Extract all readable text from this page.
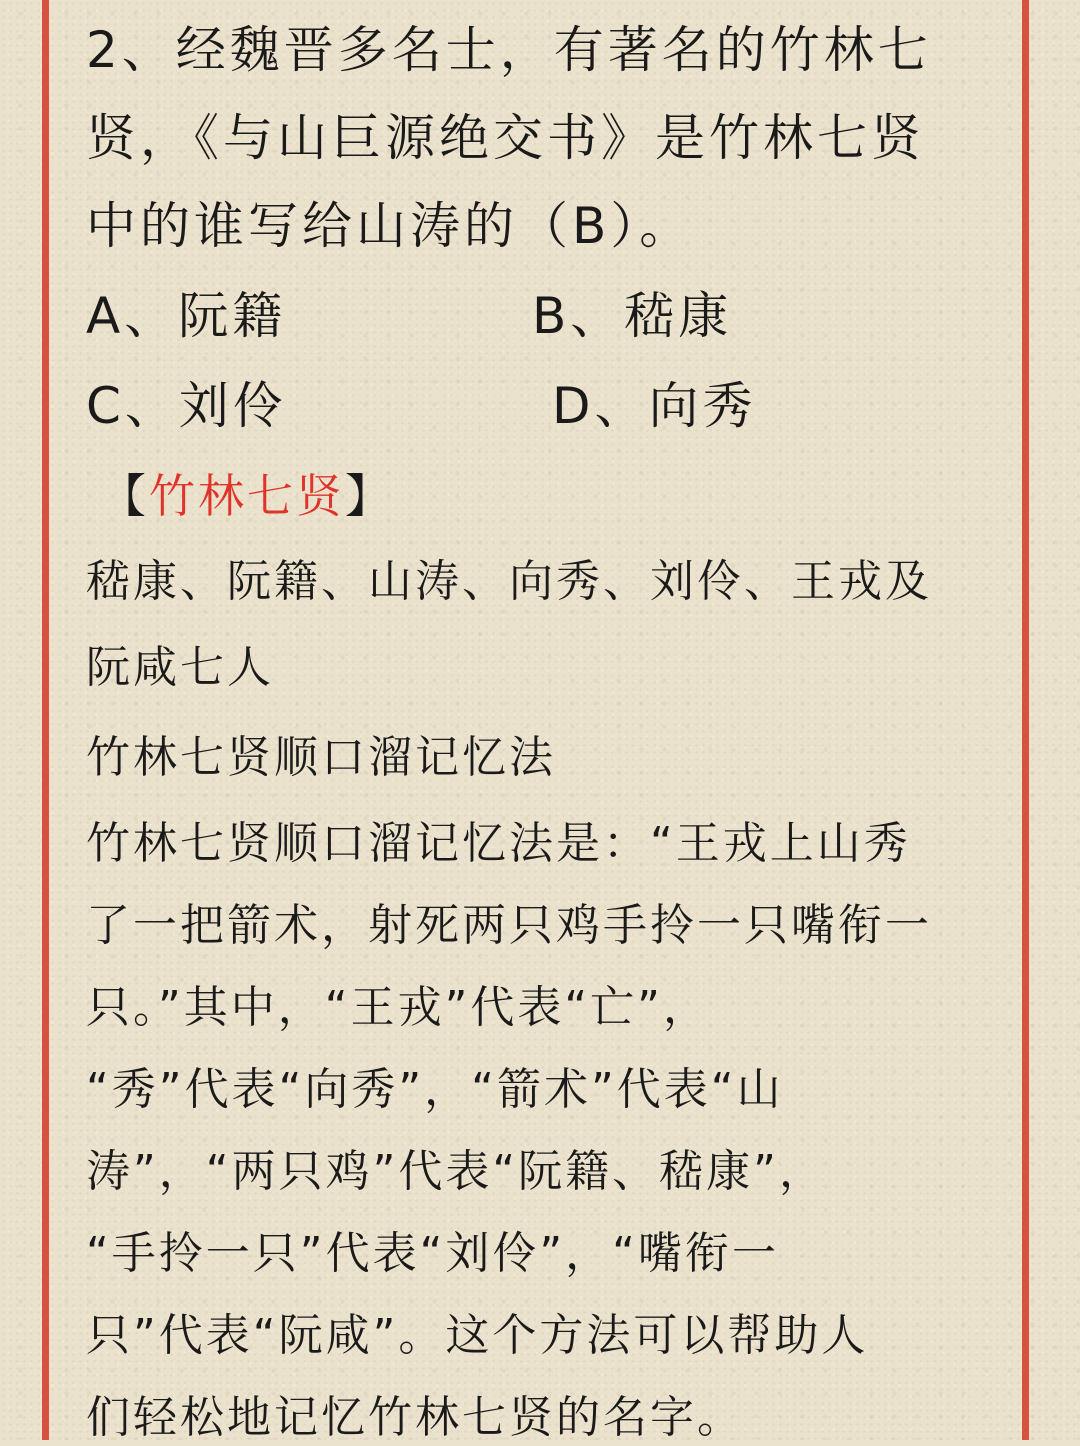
2、经魏晋多名士，有著名的竹林七
贤，《与山巨源绝交书》是竹林七贤
中的谁写给山涛的（B）。
A、阮籍	B、嵇康
C、刘伶	D、向秀
【竹林七贤】
嵇康、阮籍、山涛、向秀、刘伶、王戎及
阮咸七人
竹林七贤顺口溜记忆法
竹林七贤顺口溜记忆法是：“王戎上山秀
了一把箭术，射死两只鸡手拎一只嘴衔一
只。”其中，“王戎”代表“亡”，
“秀”代表“向秀”，“箭术”代表“山
涛”，“两只鸡”代表“阮籍、嵇康”，
“手拎一只”代表“刘伶”，“嘴衔一
只”代表“阮咸”。这个方法可以帮助人
们轻松地记忆竹林七贤的名字。
